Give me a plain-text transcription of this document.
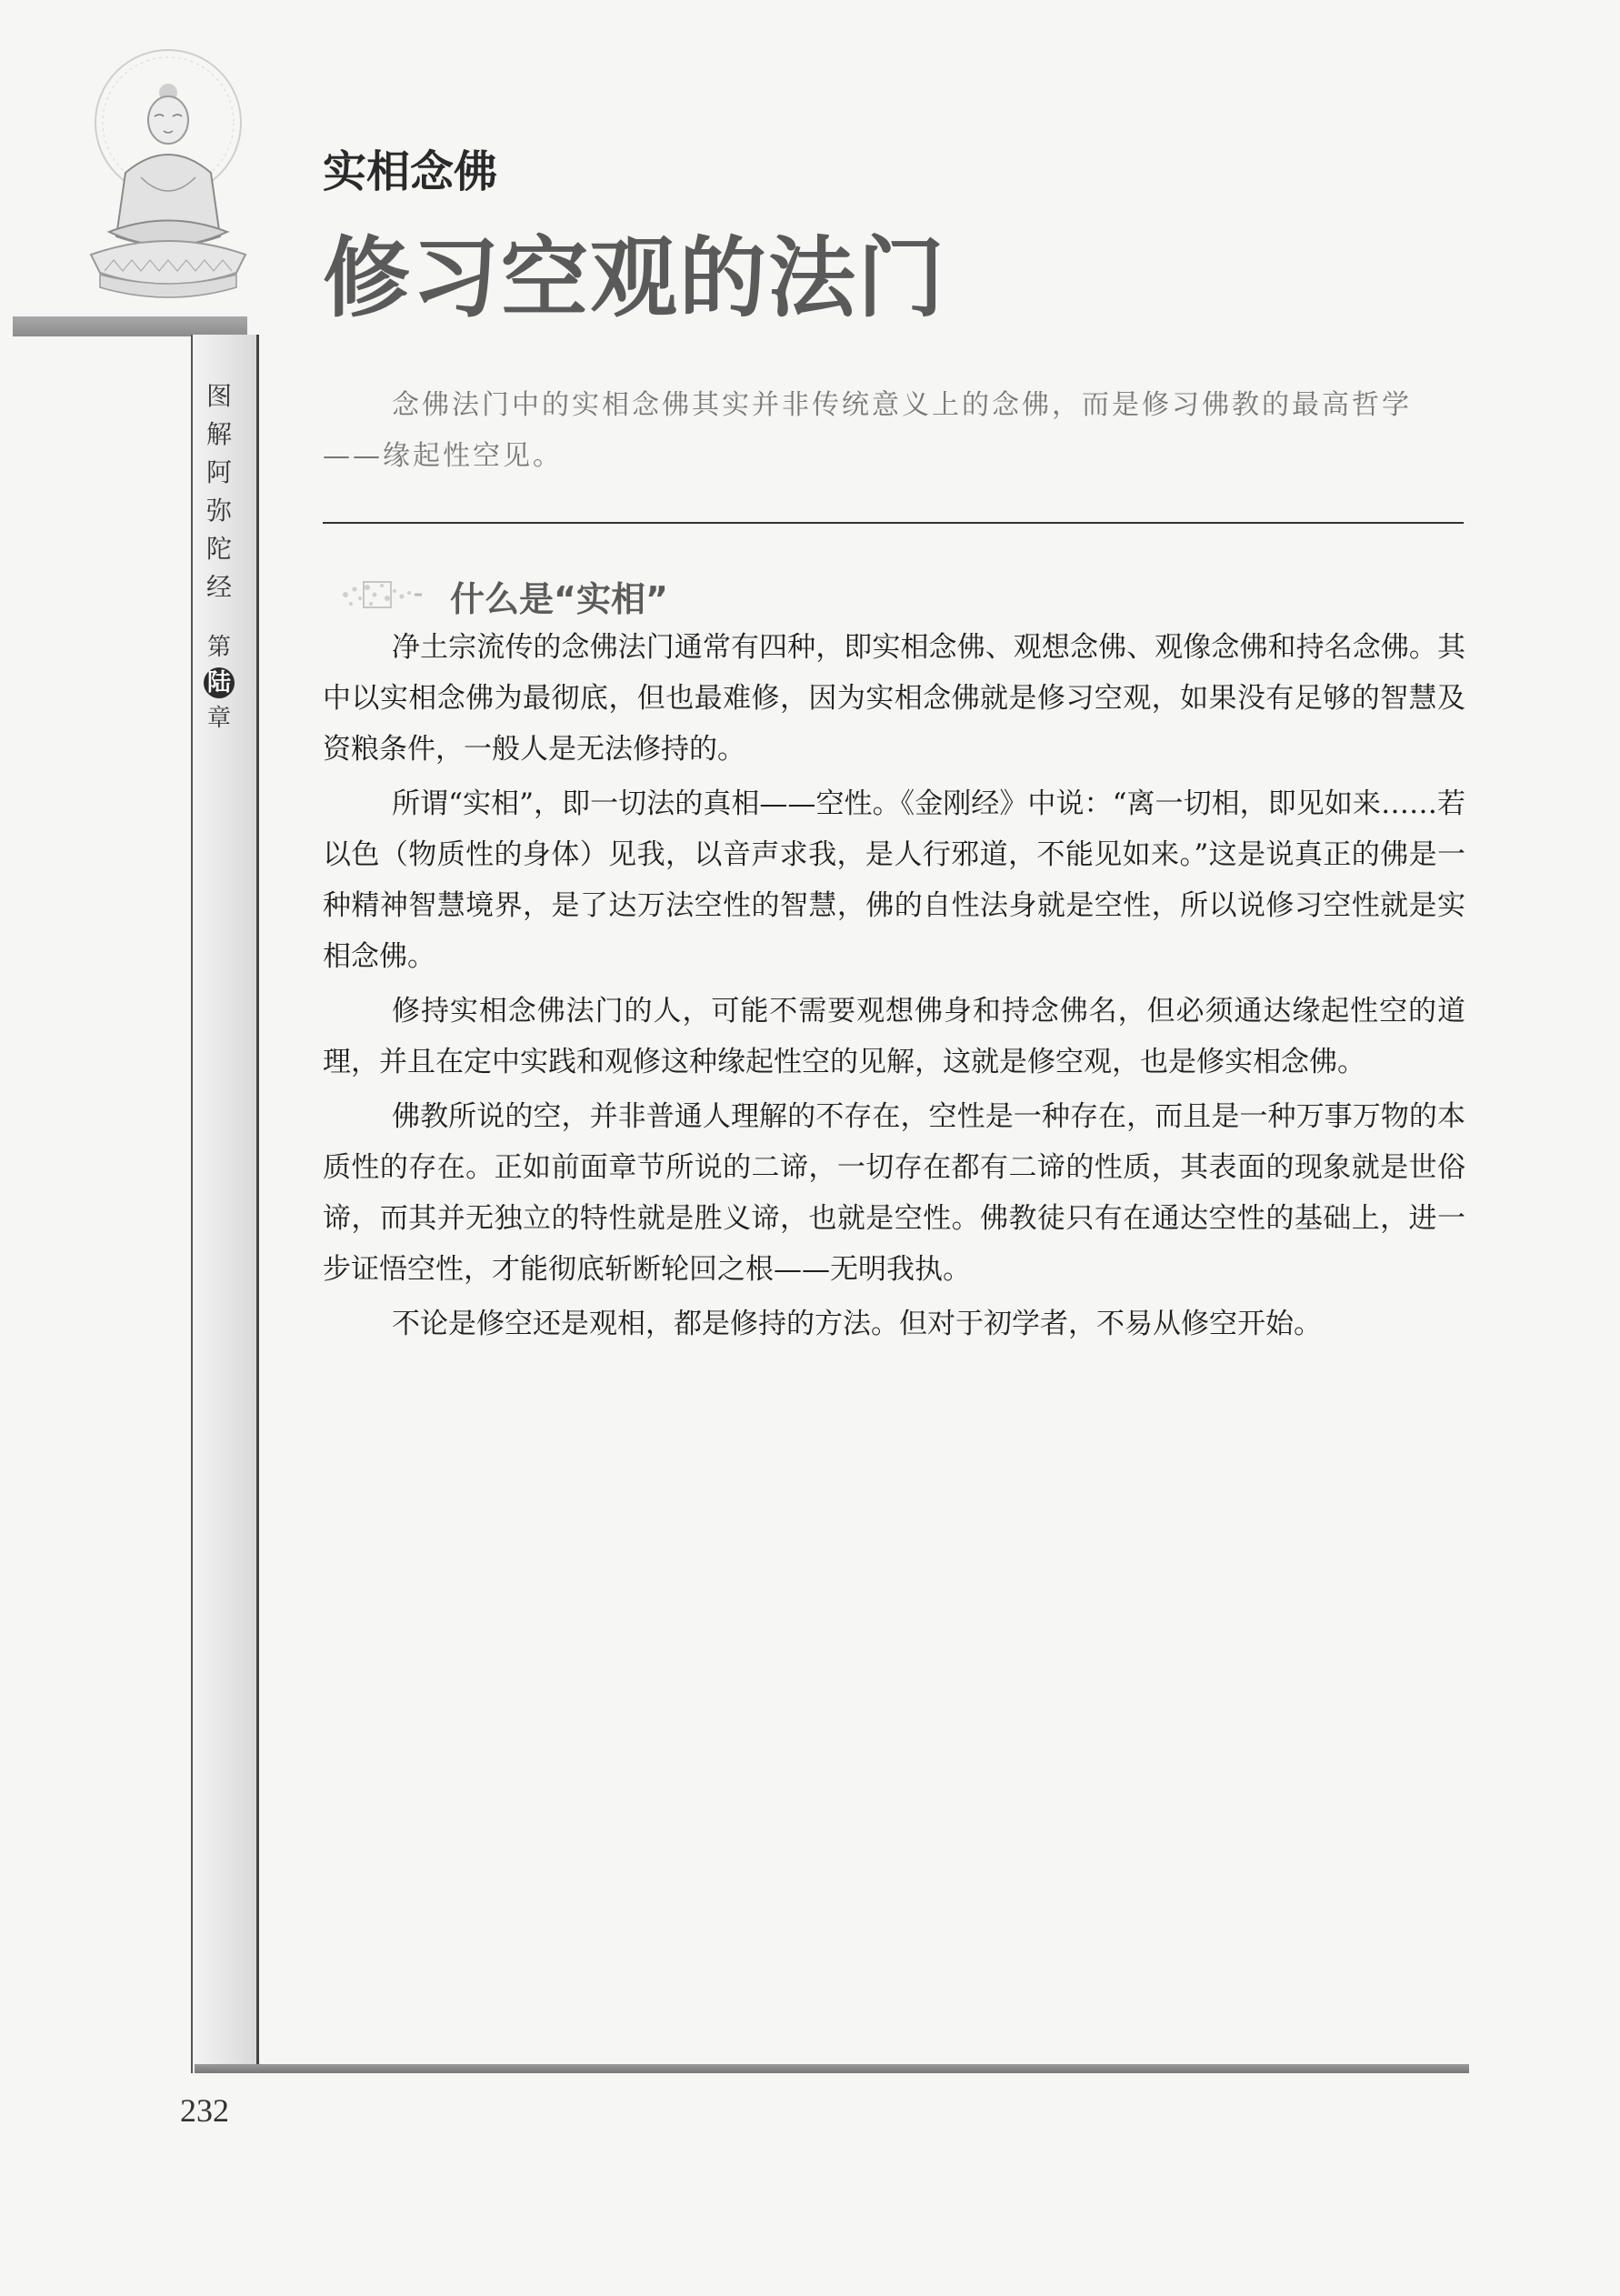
图
解
阿
弥
陀
经
第
陆
章
实相念佛
修习空观的法门
念佛法门中的实相念佛其实并非传统意义上的念佛，而是修习佛教的最高哲学——缘起性空见。
什么是“实相”

净土宗流传的念佛法门通常有四种，即实相念佛、观想念佛、观像念佛和持名念佛。其中以实相念佛为最彻底，但也最难修，因为实相念佛就是修习空观，如果没有足够的智慧及资粮条件，一般人是无法修持的。

所谓“实相”，即一切法的真相——空性。《金刚经》中说：“离一切相，即见如来……若以色（物质性的身体）见我，以音声求我，是人行邪道，不能见如来。”这是说真正的佛是一种精神智慧境界，是了达万法空性的智慧，佛的自性法身就是空性，所以说修习空性就是实相念佛。

修持实相念佛法门的人，可能不需要观想佛身和持念佛名，但必须通达缘起性空的道理，并且在定中实践和观修这种缘起性空的见解，这就是修空观，也是修实相念佛。

佛教所说的空，并非普通人理解的不存在，空性是一种存在，而且是一种万事万物的本质性的存在。正如前面章节所说的二谛，一切存在都有二谛的性质，其表面的现象就是世俗谛，而其并无独立的特性就是胜义谛，也就是空性。佛教徒只有在通达空性的基础上，进一步证悟空性，才能彻底斩断轮回之根——无明我执。

不论是修空还是观相，都是修持的方法。但对于初学者，不易从修空开始。

232
